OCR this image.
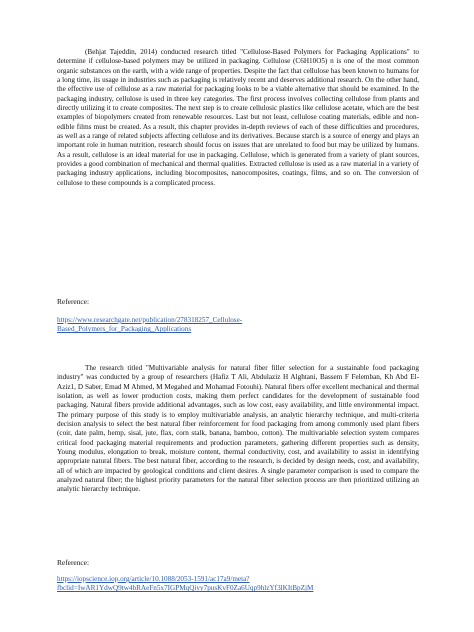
(Behjat Tajeddin, 2014) conducted research titled "Cellulose-Based Polymers for Packaging Applications" to determine if cellulose-based polymers may be utilized in packaging. Cellulose (C6H10O5) n is one of the most common organic substances on the earth, with a wide range of properties. Despite the fact that cellulose has been known to humans for a long time, its usage in industries such as packaging is relatively recent and deserves additional research. On the other hand, the effective use of cellulose as a raw material for packaging looks to be a viable alternative that should be examined. In the packaging industry, cellulose is used in three key categories. The first process involves collecting cellulose from plants and directly utilizing it to create composites. The next step is to create cellulosic plastics like cellulose acetate, which are the best examples of biopolymers created from renewable resources. Last but not least, cellulose coating materials, edible and non-edible films must be created. As a result, this chapter provides in-depth reviews of each of these difficulties and procedures, as well as a range of related subjects affecting cellulose and its derivatives. Because starch is a source of energy and plays an important role in human nutrition, research should focus on issues that are unrelated to food but may be utilized by humans. As a result, cellulose is an ideal material for use in packaging. Cellulose, which is generated from a variety of plant sources, provides a good combination of mechanical and thermal qualities. Extracted cellulose is used as a raw material in a variety of packaging industry applications, including biocomposites, nanocomposites, coatings, films, and so on. The conversion of cellulose to these compounds is a complicated process.

Reference:

https://www.researchgate.net/publication/278318257_Cellulose-
Based_Polymers_for_Packaging_Applications

The research titled "Multivariable analysis for natural fiber filler selection for a sustainable food packaging industry" was conducted by a group of researchers (Hafiz T Ali, Abdulaziz H Alghtani, Bassem F Felemban, Kh Abd El-Aziz1, D Saber, Emad M Ahmed, M Megahed and Mohamad Fotouhi). Natural fibers offer excellent mechanical and thermal isolation, as well as lower production costs, making them perfect candidates for the development of sustainable food packaging. Natural fibers provide additional advantages, such as low cost, easy availability, and little environmental impact. The primary purpose of this study is to employ multivariable analysis, an analytic hierarchy technique, and multi-criteria decision analysis to select the best natural fiber reinforcement for food packaging from among commonly used plant fibers (coir, date palm, hemp, sisal, jute, flax, corn stalk, banana, bamboo, cotton). The multivariable selection system compares critical food packaging material requirements and production parameters, gathering different properties such as density, Young modulus, elongation to break, moisture content, thermal conductivity, cost, and availability to assist in identifying appropriate natural fibers. The best natural fiber, according to the research, is decided by design needs, cost, and availability, all of which are impacted by geological conditions and client desires. A single parameter comparison is used to compare the analyzed natural fiber; the highest priority parameters for the natural fiber selection process are then prioritized utilizing an analytic hierarchy technique.

Reference:

https://iopscience.iop.org/article/10.1088/2053-1591/ac17a9/meta?
fbclid=IwAR1YdwQ9tw4bRAeFn5x7IGPMqQiyy7pusKvF0Za6Uqp9hlzYf3lKItBpZjM
